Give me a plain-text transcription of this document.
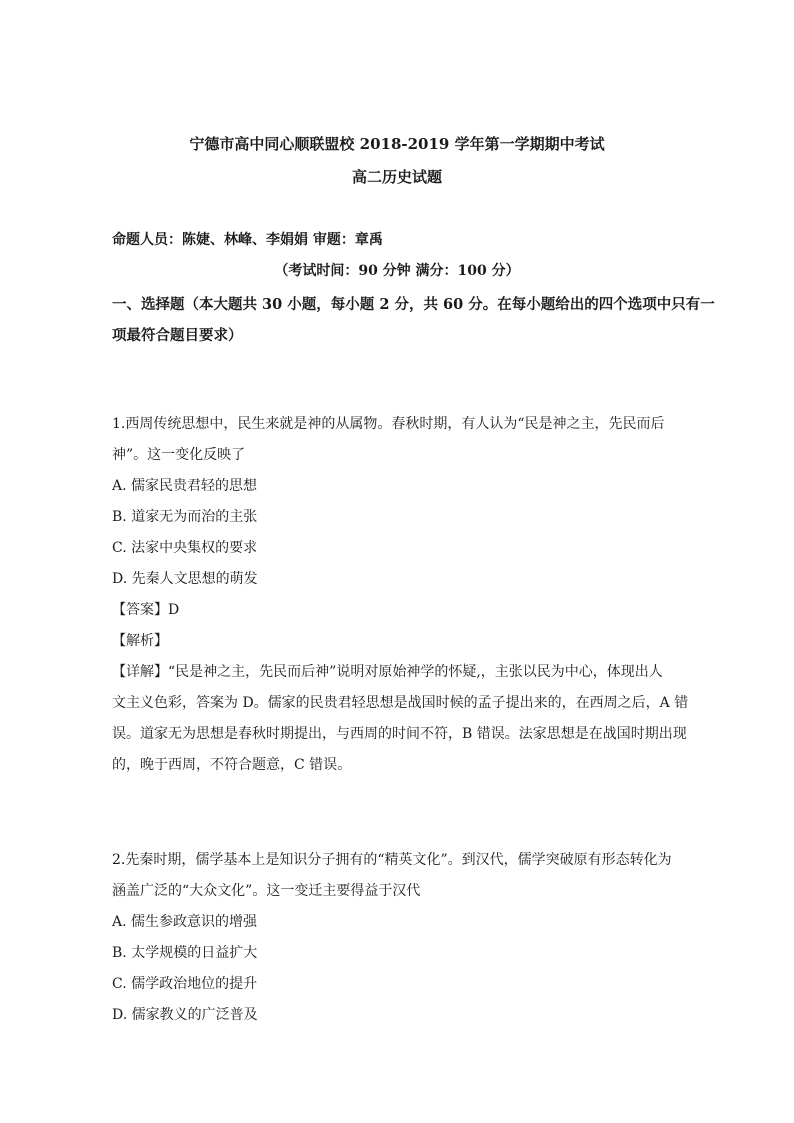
宁德市高中同心顺联盟校 2018-2019 学年第一学期期中考试
高二历史试题
命题人员：陈婕、林峰、李娟娟 审题：章禹
（考试时间：90 分钟 满分：100 分）
一、选择题（本大题共 30 小题，每小题 2 分，共 60 分。在每小题给出的四个选项中只有一
项最符合题目要求）
1.西周传统思想中，民生来就是神的从属物。春秋时期，有人认为“民是神之主，先民而后
神”。这一变化反映了
A. 儒家民贵君轻的思想
B. 道家无为而治的主张
C. 法家中央集权的要求
D. 先秦人文思想的萌发
【答案】D
【解析】
【详解】“民是神之主，先民而后神”说明对原始神学的怀疑,，主张以民为中心，体现出人
文主义色彩，答案为 D。儒家的民贵君轻思想是战国时候的孟子提出来的，在西周之后，A 错
误。道家无为思想是春秋时期提出，与西周的时间不符，B 错误。法家思想是在战国时期出现
的，晚于西周，不符合题意，C 错误。
2.先秦时期，儒学基本上是知识分子拥有的“精英文化”。到汉代，儒学突破原有形态转化为
涵盖广泛的“大众文化”。这一变迁主要得益于汉代
A. 儒生参政意识的增强
B. 太学规模的日益扩大
C. 儒学政治地位的提升
D. 儒家教义的广泛普及
